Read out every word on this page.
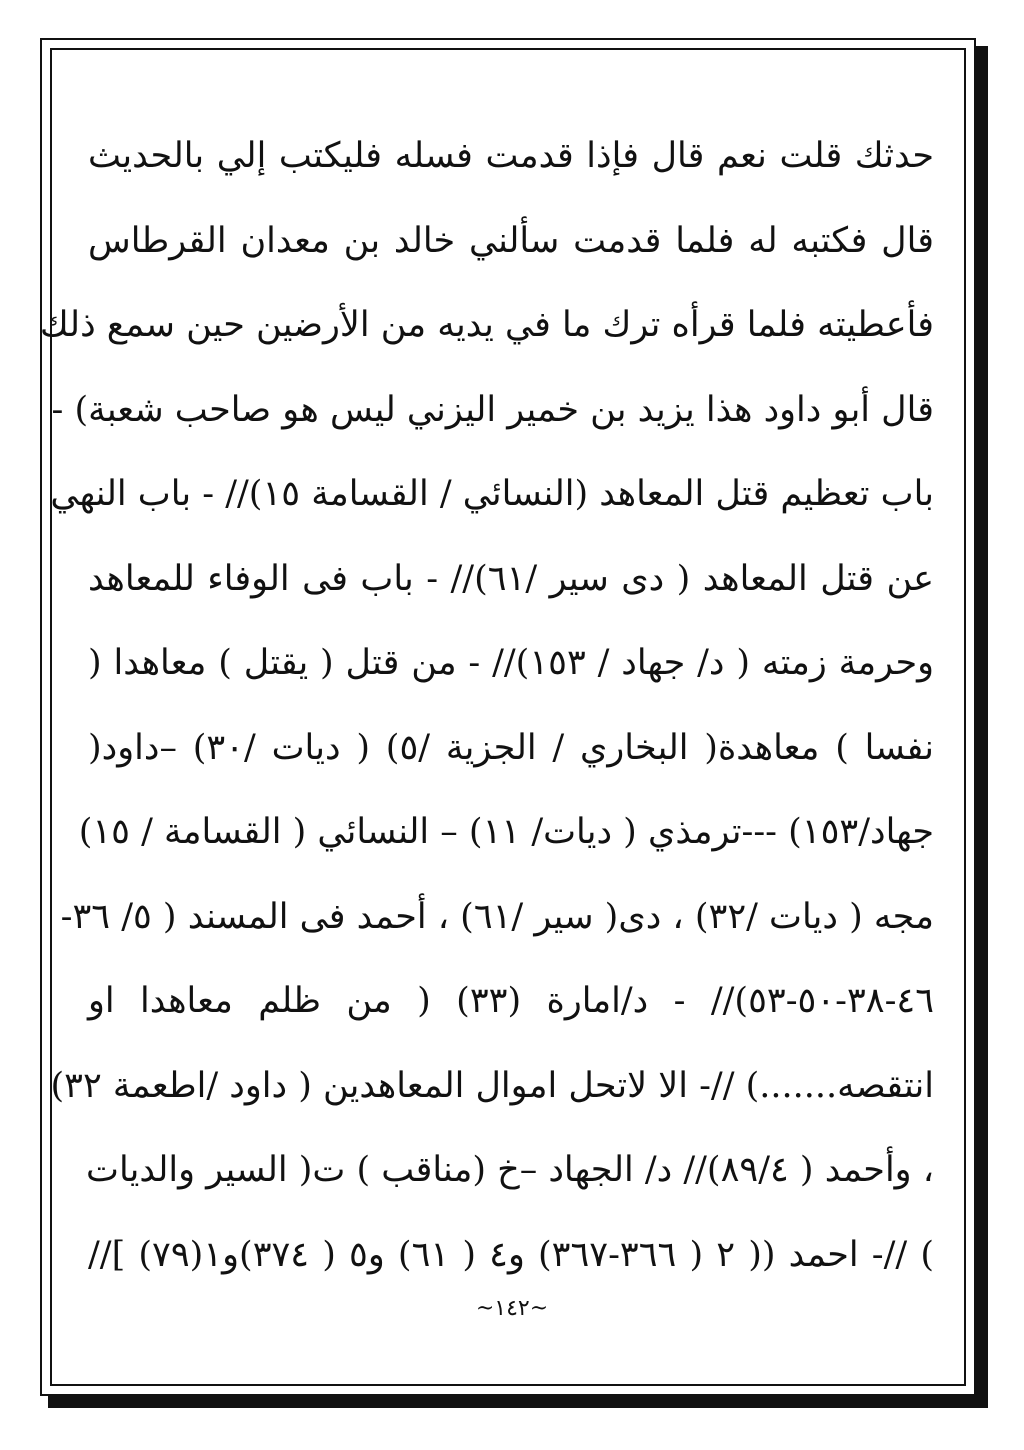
حدثك قلت نعم قال فإذا قدمت فسله فليكتب إلي بالحديث
قال فكتبه له فلما قدمت سألني خالد بن معدان القرطاس
فأعطيته فلما قرأه ترك ما في يديه من الأرضين حين سمع ذلك
قال أبو داود هذا يزيد بن خمير اليزني ليس هو صاحب شعبة) -
باب تعظيم قتل المعاهد (النسائي / القسامة ١٥)// - باب النهي
عن قتل المعاهد ( دى سير /٦١)// - باب فى الوفاء للمعاهد
وحرمة زمته ( د/ جهاد / ١٥٣)// - من قتل ( يقتل ) معاهدا (
نفسا ) معاهدة( البخاري / الجزية /٥) ( ديات /٣٠) –داود(
جهاد/١٥٣) ---ترمذي ( ديات/ ١١) – النسائي ( القسامة / ١٥)
مجه ( ديات /٣٢) ، دى( سير /٦١) ، أحمد فى المسند ( ٥/ ٣٦-
٤٦-٣٨-٥٠-٥٣)// - د/امارة (٣٣) ( من ظلم معاهدا او
انتقصه.......) //- الا لاتحل اموال المعاهدين ( داود /اطعمة ٣٢)
، وأحمد ( ٨٩/٤)// د/ الجهاد –خ (مناقب ) ت( السير والديات
) //- احمد (( ٢ ( ٣٦٦-٣٦٧) و٤ ( ٦١) و٥ ( ٣٧٤)و١(٧٩) ]//
~١٤٢~
